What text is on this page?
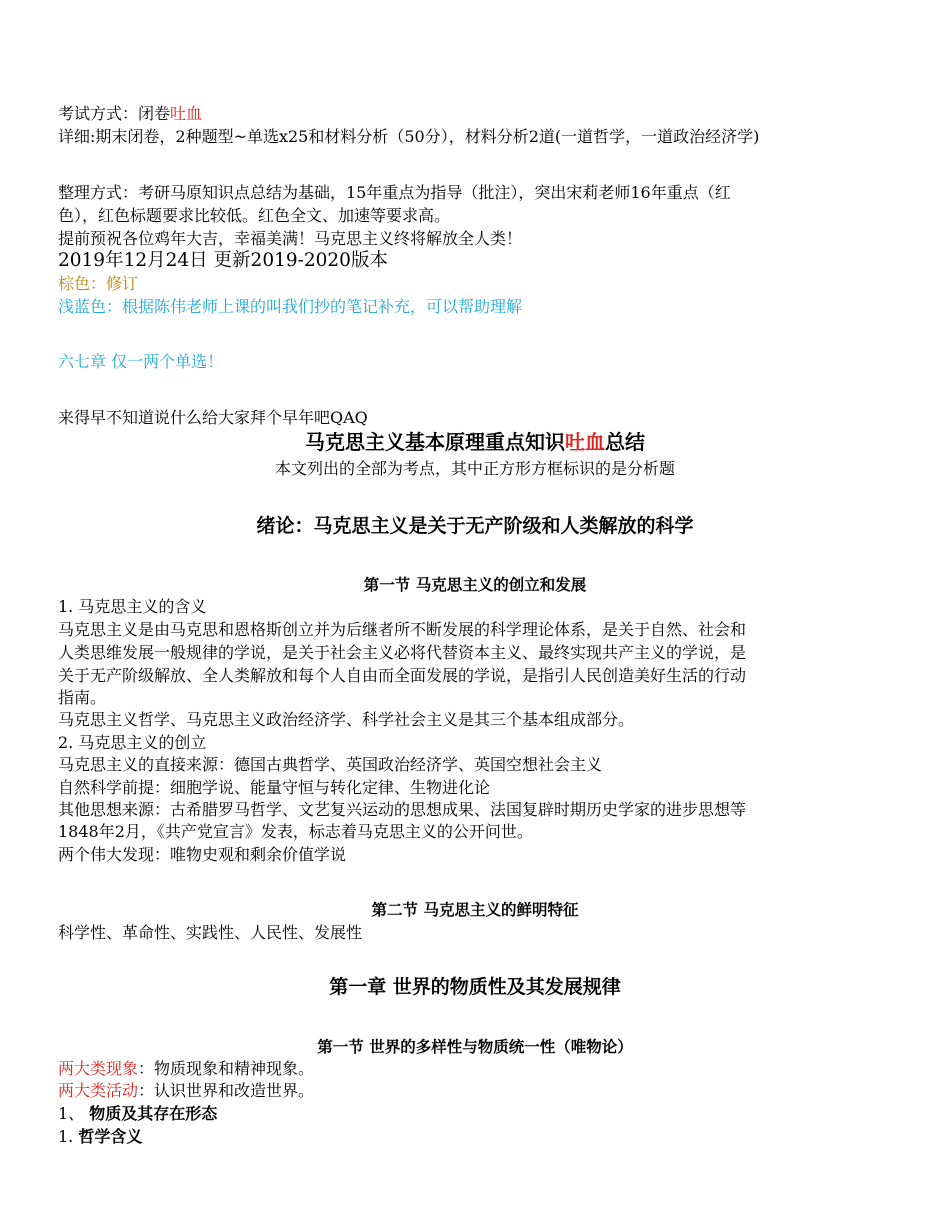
考试方式：闭卷吐血
详细:期末闭卷，2种题型~单选x25和材料分析（50分），材料分析2道(一道哲学，一道政治经济学)
整理方式：考研马原知识点总结为基础，15年重点为指导（批注），突出宋莉老师16年重点（红
色），红色标题要求比较低。红色全文、加速等要求高。
提前预祝各位鸡年大吉，幸福美满！马克思主义终将解放全人类！
2019年12月24日 更新2019-2020版本
棕色：修订
浅蓝色：根据陈伟老师上课的叫我们抄的笔记补充，可以帮助理解
六七章 仅一两个单选！
来得早不知道说什么给大家拜个早年吧QAQ
马克思主义基本原理重点知识吐血总结
本文列出的全部为考点，其中正方形方框标识的是分析题
绪论：马克思主义是关于无产阶级和人类解放的科学
第一节 马克思主义的创立和发展
1. 马克思主义的含义
马克思主义是由马克思和恩格斯创立并为后继者所不断发展的科学理论体系，是关于自然、社会和
人类思维发展一般规律的学说，是关于社会主义必将代替资本主义、最终实现共产主义的学说，是
关于无产阶级解放、全人类解放和每个人自由而全面发展的学说，是指引人民创造美好生活的行动
指南。
马克思主义哲学、马克思主义政治经济学、科学社会主义是其三个基本组成部分。
2. 马克思主义的创立
马克思主义的直接来源：德国古典哲学、英国政治经济学、英国空想社会主义
自然科学前提：细胞学说、能量守恒与转化定律、生物进化论
其他思想来源：古希腊罗马哲学、文艺复兴运动的思想成果、法国复辟时期历史学家的进步思想等
1848年2月，《共产党宣言》发表，标志着马克思主义的公开问世。
两个伟大发现：唯物史观和剩余价值学说
第二节 马克思主义的鲜明特征
科学性、革命性、实践性、人民性、发展性
第一章 世界的物质性及其发展规律
第一节 世界的多样性与物质统一性（唯物论）
两大类现象：物质现象和精神现象。
两大类活动：认识世界和改造世界。
1、 物质及其存在形态
1. 哲学含义
